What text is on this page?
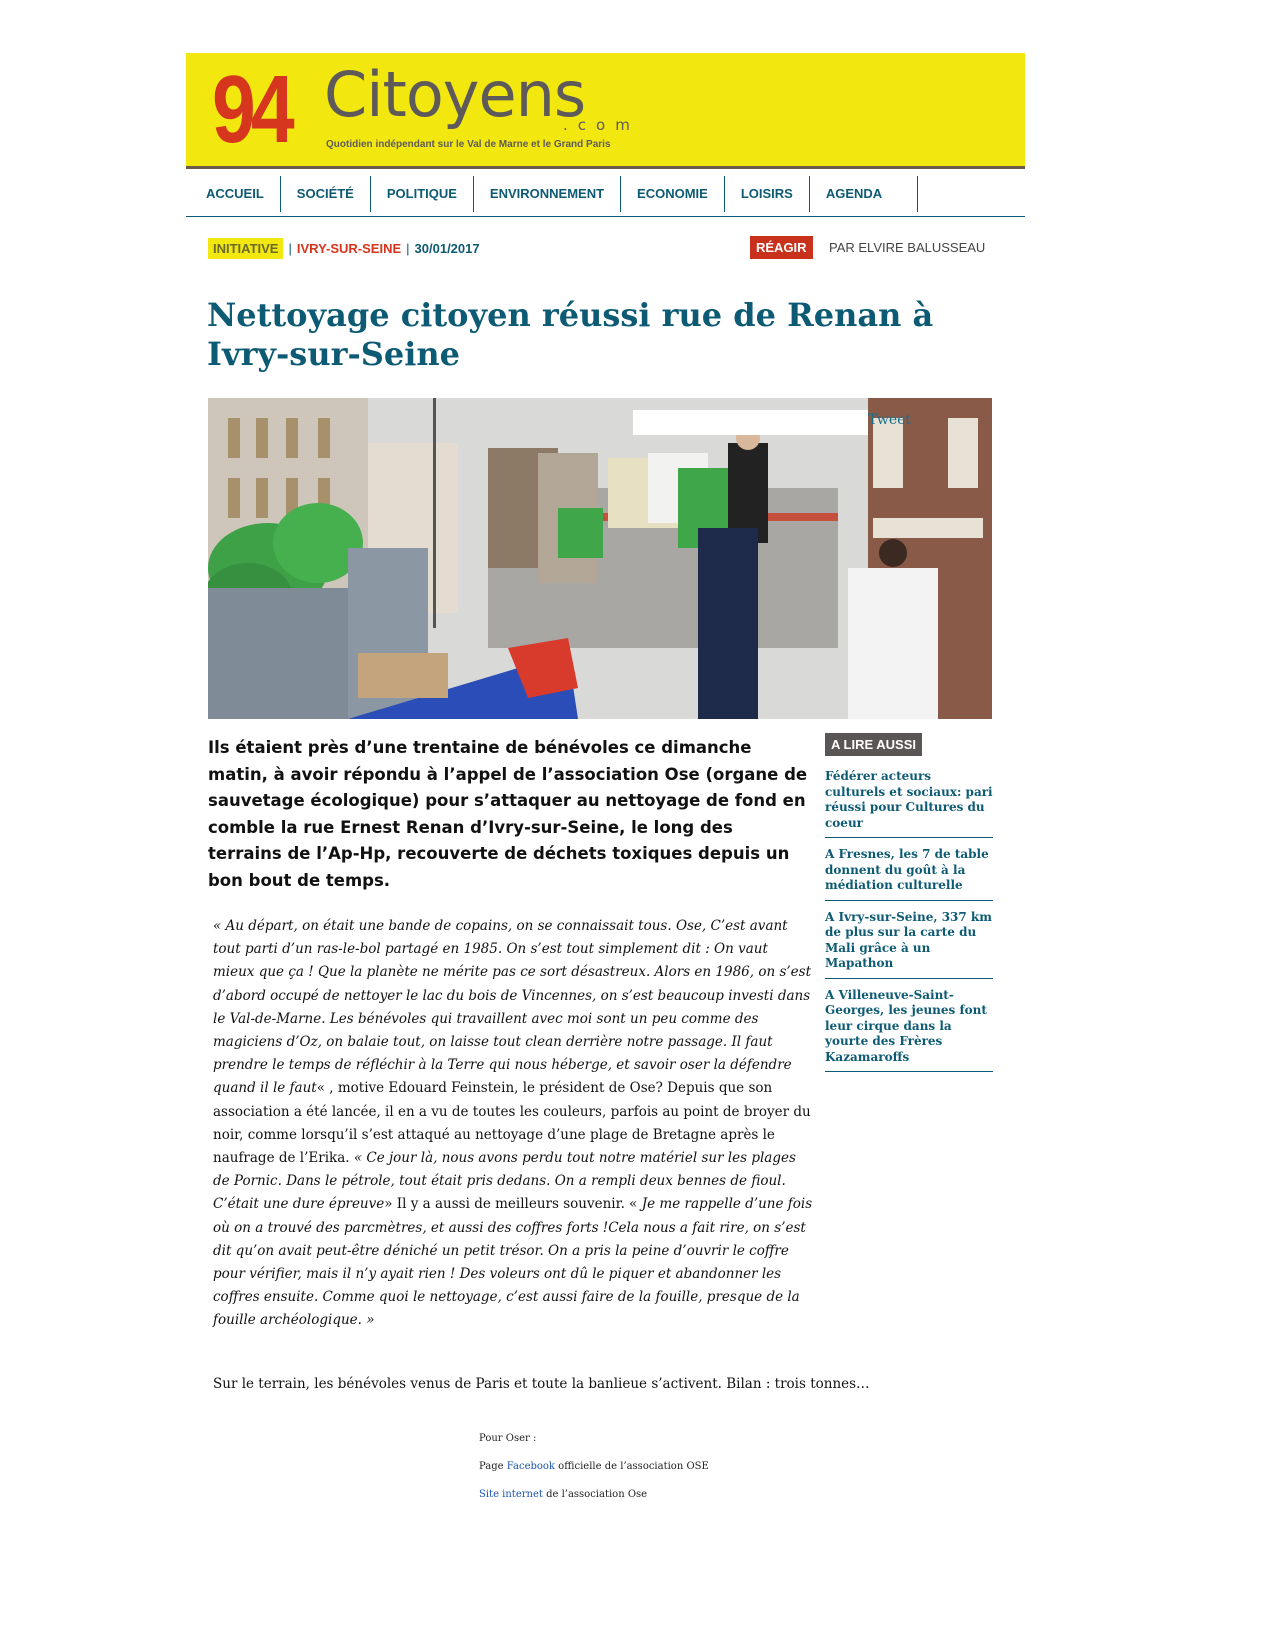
94 Citoyens
.com
Quotidien indépendant sur le Val de Marne et le Grand Paris
ACCUEIL	SOCIÉTÉ	POLITIQUE	ENVIRONNEMENT	ECONOMIE	LOISIRS	AGENDA
INITIATIVE | IVRY-SUR-SEINE | 30/01/2017	RÉAGIR	PAR ELVIRE BALUSSEAU
Nettoyage citoyen réussi rue de Renan à Ivry-sur-Seine
Tweet

Ils étaient près d’une trentaine de bénévoles ce dimanche matin, à avoir répondu à l’appel de l’association Ose (organe de sauvetage écologique) pour s’attaquer au nettoyage de fond en comble la rue Ernest Renan d’Ivry-sur-Seine, le long des terrains de l’Ap-Hp, recouverte de déchets toxiques depuis un bon bout de temps.

A LIRE AUSSI
Fédérer acteurs culturels et sociaux: pari réussi pour Cultures du coeur
A Fresnes, les 7 de table donnent du goût à la médiation culturelle
A Ivry-sur-Seine, 337 km de plus sur la carte du Mali grâce à un Mapathon
A Villeneuve-Saint-Georges, les jeunes font leur cirque dans la yourte des Frères Kazamaroffs

« Au départ, on était une bande de copains, on se connaissait tous. Ose, C’est avant tout parti d’un ras-le-bol partagé en 1985. On s’est tout simplement dit : On vaut mieux que ça ! Que la planète ne mérite pas ce sort désastreux. Alors en 1986, on s’est d’abord occupé de nettoyer le lac du bois de Vincennes, on s’est beaucoup investi dans le Val-de-Marne. Les bénévoles qui travaillent avec moi sont un peu comme des magiciens d’Oz, on balaie tout, on laisse tout clean derrière notre passage. Il faut prendre le temps de réfléchir à la Terre qui nous héberge, et savoir oser la défendre quand il le faut« , motive Edouard Feinstein, le président de Ose? Depuis que son association a été lancée, il en a vu de toutes les couleurs, parfois au point de broyer du noir, comme lorsqu’il s’est attaqué au nettoyage d’une plage de Bretagne après le naufrage de l’Erika. « Ce jour là, nous avons perdu tout notre matériel sur les plages de Pornic. Dans le pétrole, tout était pris dedans. On a rempli deux bennes de fioul. C’était une dure épreuve» Il y a aussi de meilleurs souvenir. « Je me rappelle d’une fois où on a trouvé des parcmètres, et aussi des coffres forts !Cela nous a fait rire, on s’est dit qu’on avait peut-être déniché un petit trésor. On a pris la peine d’ouvrir le coffre pour vérifier, mais il n’y ayait rien ! Des voleurs ont dû le piquer et abandonner les coffres ensuite. Comme quoi le nettoyage, c’est aussi faire de la fouille, presque de la fouille archéologique. »

Sur le terrain, les bénévoles venus de Paris et toute la banlieue s’activent. Bilan : trois tonnes…

Pour Oser :
Page Facebook officielle de l’association OSE
Site internet de l’association Ose
